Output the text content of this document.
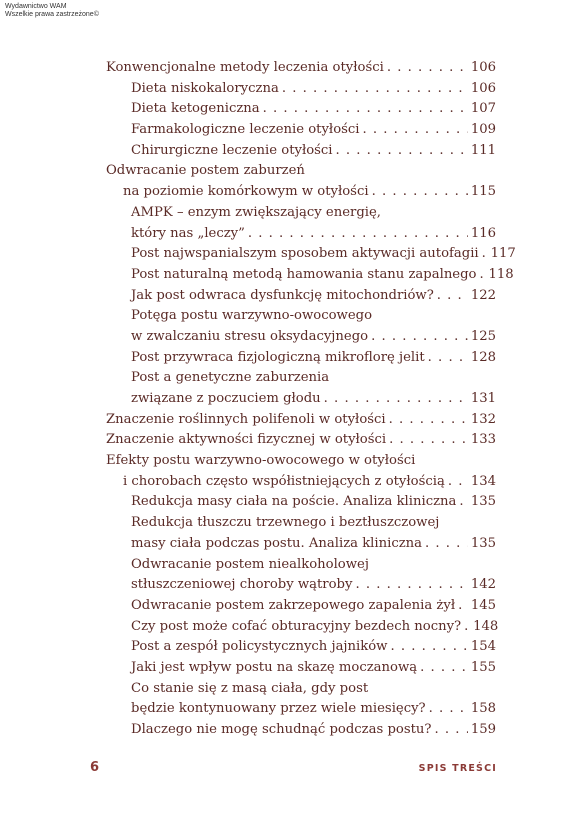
Wydawnictwo WAM
Wszelkie prawa zastrzeżone©
Konwencjonalne metody leczenia otyłości . . .	106
Dieta niskokaloryczna . . .	106
Dieta ketogeniczna . . .	107
Farmakologiczne leczenie otyłości . . .	109
Chirurgiczne leczenie otyłości . . .	111
Odwracanie postem zaburzeń
na poziomie komórkowym w otyłości . . .	115
AMPK – enzym zwiększający energię,
który nas „leczy” . . .	116
Post najwspanialszym sposobem aktywacji autofagii . . . 117
Post naturalną metodą hamowania stanu zapalnego . . . 118
Jak post odwraca dysfunkcję mitochondriów? . . .	122
Potęga postu warzywno-owocowego
w zwalczaniu stresu oksydacyjnego . . .	125
Post przywraca fizjologiczną mikroflorę jelit . . .	128
Post a genetyczne zaburzenia
związane z poczuciem głodu . . .	131
Znaczenie roślinnych polifenoli w otyłości . . .	132
Znaczenie aktywności fizycznej w otyłości . . .	133
Efekty postu warzywno-owocowego w otyłości
i chorobach często współistniejących z otyłością . . . 134
Redukcja masy ciała na poście. Analiza kliniczna . . . 135
Redukcja tłuszczu trzewnego i beztłuszczowej
masy ciała podczas postu. Analiza kliniczna . . .	135
Odwracanie postem niealkoholowej
stłuszczeniowej choroby wątroby . . .	142
Odwracanie postem zakrzepowego zapalenia żył . . . 145
Czy post może cofać obturacyjny bezdech nocny? . . . 148
Post a zespół policystycznych jajników . . .	154
Jaki jest wpływ postu na skazę moczanową . . .	155
Co stanie się z masą ciała, gdy post
będzie kontynuowany przez wiele miesięcy? . . .	158
Dlaczego nie mogę schudnąć podczas postu? . . .	159
6	SPIS TREŚCI
